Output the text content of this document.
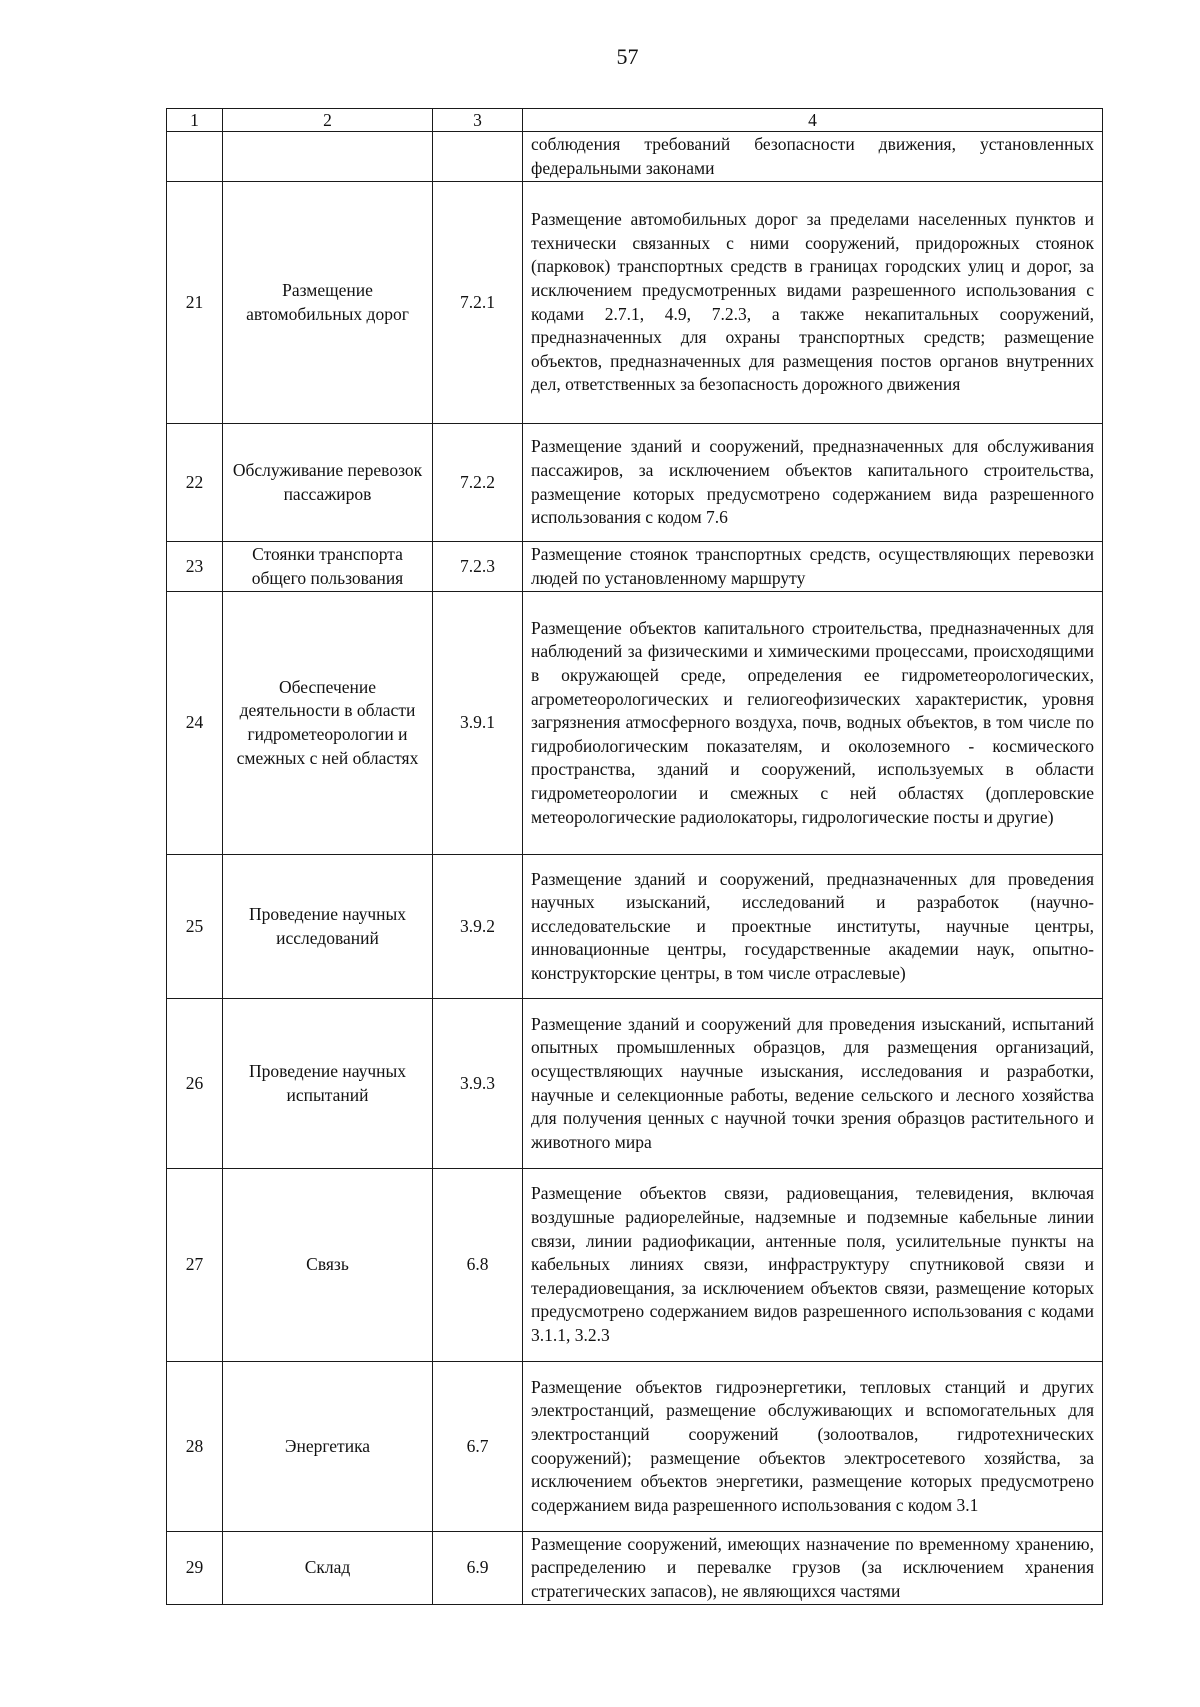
57
1	2	3	4
			соблюдения требований безопасности движения, установленных федеральными законами
21	Размещение автомобильных дорог	7.2.1	Размещение автомобильных дорог за пределами населенных пунктов и технически связанных с ними сооружений, придорожных стоянок (парковок) транспортных средств в границах городских улиц и дорог, за исключением предусмотренных видами разрешенного использования с кодами 2.7.1, 4.9, 7.2.3, а также некапитальных сооружений, предназначенных для охраны транспортных средств; размещение объектов, предназначенных для размещения постов органов внутренних дел, ответственных за безопасность дорожного движения
22	Обслуживание перевозок пассажиров	7.2.2	Размещение зданий и сооружений, предназначенных для обслуживания пассажиров, за исключением объектов капитального строительства, размещение которых предусмотрено содержанием вида разрешенного использования с кодом 7.6
23	Стоянки транспорта общего пользования	7.2.3	Размещение стоянок транспортных средств, осуществляющих перевозки людей по установленному маршруту
24	Обеспечение деятельности в области гидрометеорологии и смежных с ней областях	3.9.1	Размещение объектов капитального строительства, предназначенных для наблюдений за физическими и химическими процессами, происходящими в окружающей среде, определения ее гидрометеорологических, агрометеорологических и гелиогеофизических характеристик, уровня загрязнения атмосферного воздуха, почв, водных объектов, в том числе по гидробиологическим показателям, и околоземного - космического пространства, зданий и сооружений, используемых в области гидрометеорологии и смежных с ней областях (доплеровские метеорологические радиолокаторы, гидрологические посты и другие)
25	Проведение научных исследований	3.9.2	Размещение зданий и сооружений, предназначенных для проведения научных изысканий, исследований и разработок (научно-исследовательские и проектные институты, научные центры, инновационные центры, государственные академии наук, опытно-конструкторские центры, в том числе отраслевые)
26	Проведение научных испытаний	3.9.3	Размещение зданий и сооружений для проведения изысканий, испытаний опытных промышленных образцов, для размещения организаций, осуществляющих научные изыскания, исследования и разработки, научные и селекционные работы, ведение сельского и лесного хозяйства для получения ценных с научной точки зрения образцов растительного и животного мира
27	Связь	6.8	Размещение объектов связи, радиовещания, телевидения, включая воздушные радиорелейные, надземные и подземные кабельные линии связи, линии радиофикации, антенные поля, усилительные пункты на кабельных линиях связи, инфраструктуру спутниковой связи и телерадиовещания, за исключением объектов связи, размещение которых предусмотрено содержанием видов разрешенного использования с кодами 3.1.1, 3.2.3
28	Энергетика	6.7	Размещение объектов гидроэнергетики, тепловых станций и других электростанций, размещение обслуживающих и вспомогательных для электростанций сооружений (золоотвалов, гидротехнических сооружений); размещение объектов электросетевого хозяйства, за исключением объектов энергетики, размещение которых предусмотрено содержанием вида разрешенного использования с кодом 3.1
29	Склад	6.9	Размещение сооружений, имеющих назначение по временному хранению, распределению и перевалке грузов (за исключением хранения стратегических запасов), не являющихся частями
